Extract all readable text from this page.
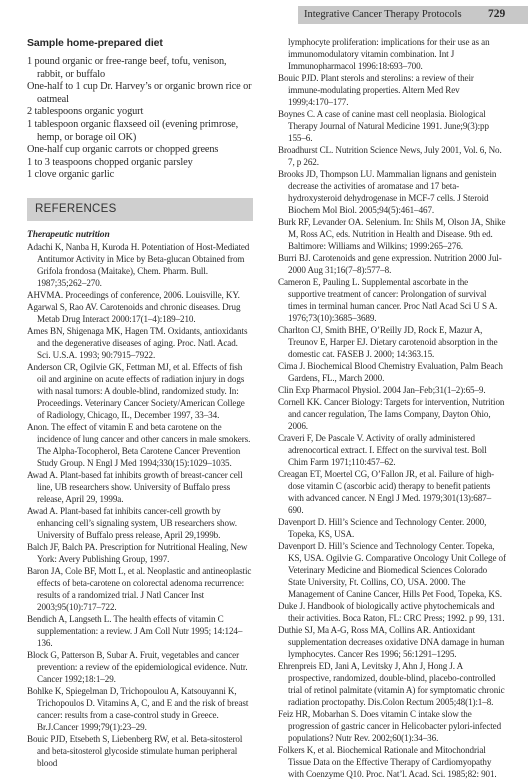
Integrative Cancer Therapy Protocols 729
Sample home-prepared diet
1 pound organic or free-range beef, tofu, venison, rabbit, or buffalo
One-half to 1 cup Dr. Harvey’s or organic brown rice or oatmeal
2 tablespoons organic yogurt
1 tablespoon organic flaxseed oil (evening primrose, hemp, or borage oil OK)
One-half cup organic carrots or chopped greens
1 to 3 teaspoons chopped organic parsley
1 clove organic garlic
REFERENCES
Therapeutic nutrition

Adachi K, Nanba H, Kuroda H. Potentiation of Host-Mediated Antitumor Activity in Mice by Beta-glucan Obtained from Grifola frondosa (Maitake), Chem. Pharm. Bull. 1987;35;262–270.

AHVMA. Proceedings of conference, 2006. Louisville, KY.

Agarwal S, Rao AV. Carotenoids and chronic diseases. Drug Metab Drug Interact 2000:17(1–4):189–210.

Ames BN, Shigenaga MK, Hagen TM. Oxidants, antioxidants and the degenerative diseases of aging. Proc. Natl. Acad. Sci. U.S.A. 1993; 90:7915–7922.

Anderson CR, Ogilvie GK, Fettman MJ, et al. Effects of fish oil and arginine on acute effects of radiation injury in dogs with nasal tumors: A double-blind, randomized study. In: Proceedings. Veterinary Cancer Society/American College of Radiology, Chicago, IL, December 1997, 33–34.

Anon. The effect of vitamin E and beta carotene on the incidence of lung cancer and other cancers in male smokers. The Alpha-Tocopherol, Beta Carotene Cancer Prevention Study Group. N Engl J Med 1994;330(15):1029–1035.

Awad A. Plant-based fat inhibits growth of breast-cancer cell line, UB researchers show. University of Buffalo press release, April 29, 1999a.

Awad A. Plant-based fat inhibits cancer-cell growth by enhancing cell’s signaling system, UB researchers show. University of Buffalo press release, April 29,1999b.

Balch JF, Balch PA. Prescription for Nutritional Healing, New York: Avery Publishing Group, 1997.

Baron JA, Cole BF, Mott L, et al. Neoplastic and antineoplastic effects of beta-carotene on colorectal adenoma recurrence: results of a randomized trial. J Natl Cancer Inst 2003;95(10):717–722.

Bendich A, Langseth L. The health effects of vitamin C supplementation: a review. J Am Coll Nutr 1995; 14:124–136.

Block G, Patterson B, Subar A. Fruit, vegetables and cancer prevention: a review of the epidemiological evidence. Nutr. Cancer 1992;18:1–29.

Bohlke K, Spiegelman D, Trichopoulou A, Katsouyanni K, Trichopoulos D. Vitamins A, C, and E and the risk of breast cancer: results from a case-control study in Greece. Br.J.Cancer 1999;79(1):23–29.

Bouic PJD, Etsebeth S, Liebenberg RW, et al. Beta-sitosterol and beta-sitosterol glycoside stimulate human peripheral blood

lymphocyte proliferation: implications for their use as an immunomodulatory vitamin combination. Int J Immunopharmacol 1996:18:693–700.

Bouic PJD. Plant sterols and sterolins: a review of their immune-modulating properties. Altern Med Rev 1999;4:170–177.

Boynes C. A case of canine mast cell neoplasia. Biological Therapy Journal of Natural Medicine 1991. June;9(3):pp 155–6.

Broadhurst CL. Nutrition Science News, July 2001, Vol. 6, No. 7, p 262.

Brooks JD, Thompson LU. Mammalian lignans and genistein decrease the activities of aromatase and 17 beta-hydroxysteroid dehydrogenase in MCF-7 cells. J Steroid Biochem Mol Biol. 2005;94(5):461–467.

Burk RF, Levander OA. Selenium. In: Shils M, Olson JA, Shike M, Ross AC, eds. Nutrition in Health and Disease. 9th ed. Baltimore: Williams and Wilkins; 1999:265–276.

Burri BJ. Carotenoids and gene expression. Nutrition 2000 Jul-2000 Aug 31;16(7–8):577–8.

Cameron E, Pauling L. Supplemental ascorbate in the supportive treatment of cancer: Prolongation of survival times in terminal human cancer. Proc Natl Acad Sci U S A. 1976;73(10):3685–3689.

Charlton CJ, Smith BHE, O’Reilly JD, Rock E, Mazur A, Treunov E, Harper EJ. Dietary carotenoid absorption in the domestic cat. FASEB J. 2000; 14:363.15.

Cima J. Biochemical Blood Chemistry Evaluation, Palm Beach Gardens, FL., March 2000.

Clin Exp Pharmacol Physiol. 2004 Jan–Feb;31(1–2):65–9.

Cornell KK. Cancer Biology: Targets for intervention, Nutrition and cancer regulation, The Iams Company, Dayton Ohio, 2006.

Craveri F, De Pascale V. Activity of orally administered adrenocortical extract. I. Effect on the survival test. Boll Chim Farm 1971;110:457–62.

Creagan ET, Moertel CG, O’Fallon JR, et al. Failure of high-dose vitamin C (ascorbic acid) therapy to benefit patients with advanced cancer. N Engl J Med. 1979;301(13):687–690.

Davenport D. Hill’s Science and Technology Center. 2000, Topeka, KS, USA.

Davenport D. Hill’s Science and Technology Center. Topeka, KS, USA. Ogilvie G. Comparative Oncology Unit College of Veterinary Medicine and Biomedical Sciences Colorado State University, Ft. Collins, CO, USA. 2000. The Management of Canine Cancer, Hills Pet Food, Topeka, KS.

Duke J. Handbook of biologically active phytochemicals and their activities. Boca Raton, FL: CRC Press; 1992. p 99, 131.

Duthie SJ, Ma A-G, Ross MA, Collins AR. Antioxidant supplementation decreases oxidative DNA damage in human lymphocytes. Cancer Res 1996; 56:1291–1295.

Ehrenpreis ED, Jani A, Levitsky J, Ahn J, Hong J. A prospective, randomized, double-blind, placebo-controlled trial of retinol palmitate (vitamin A) for symptomatic chronic radiation proctopathy. Dis.Colon Rectum 2005;48(1):1–8.

Feiz HR, Mobarhan S. Does vitamin C intake slow the progression of gastric cancer in Helicobacter pylori-infected populations? Nutr Rev. 2002;60(1):34–36.

Folkers K, et al. Biochemical Rationale and Mitochondrial Tissue Data on the Effective Therapy of Cardiomyopathy with Coenzyme Q10. Proc. Nat’l. Acad. Sci. 1985;82: 901.
